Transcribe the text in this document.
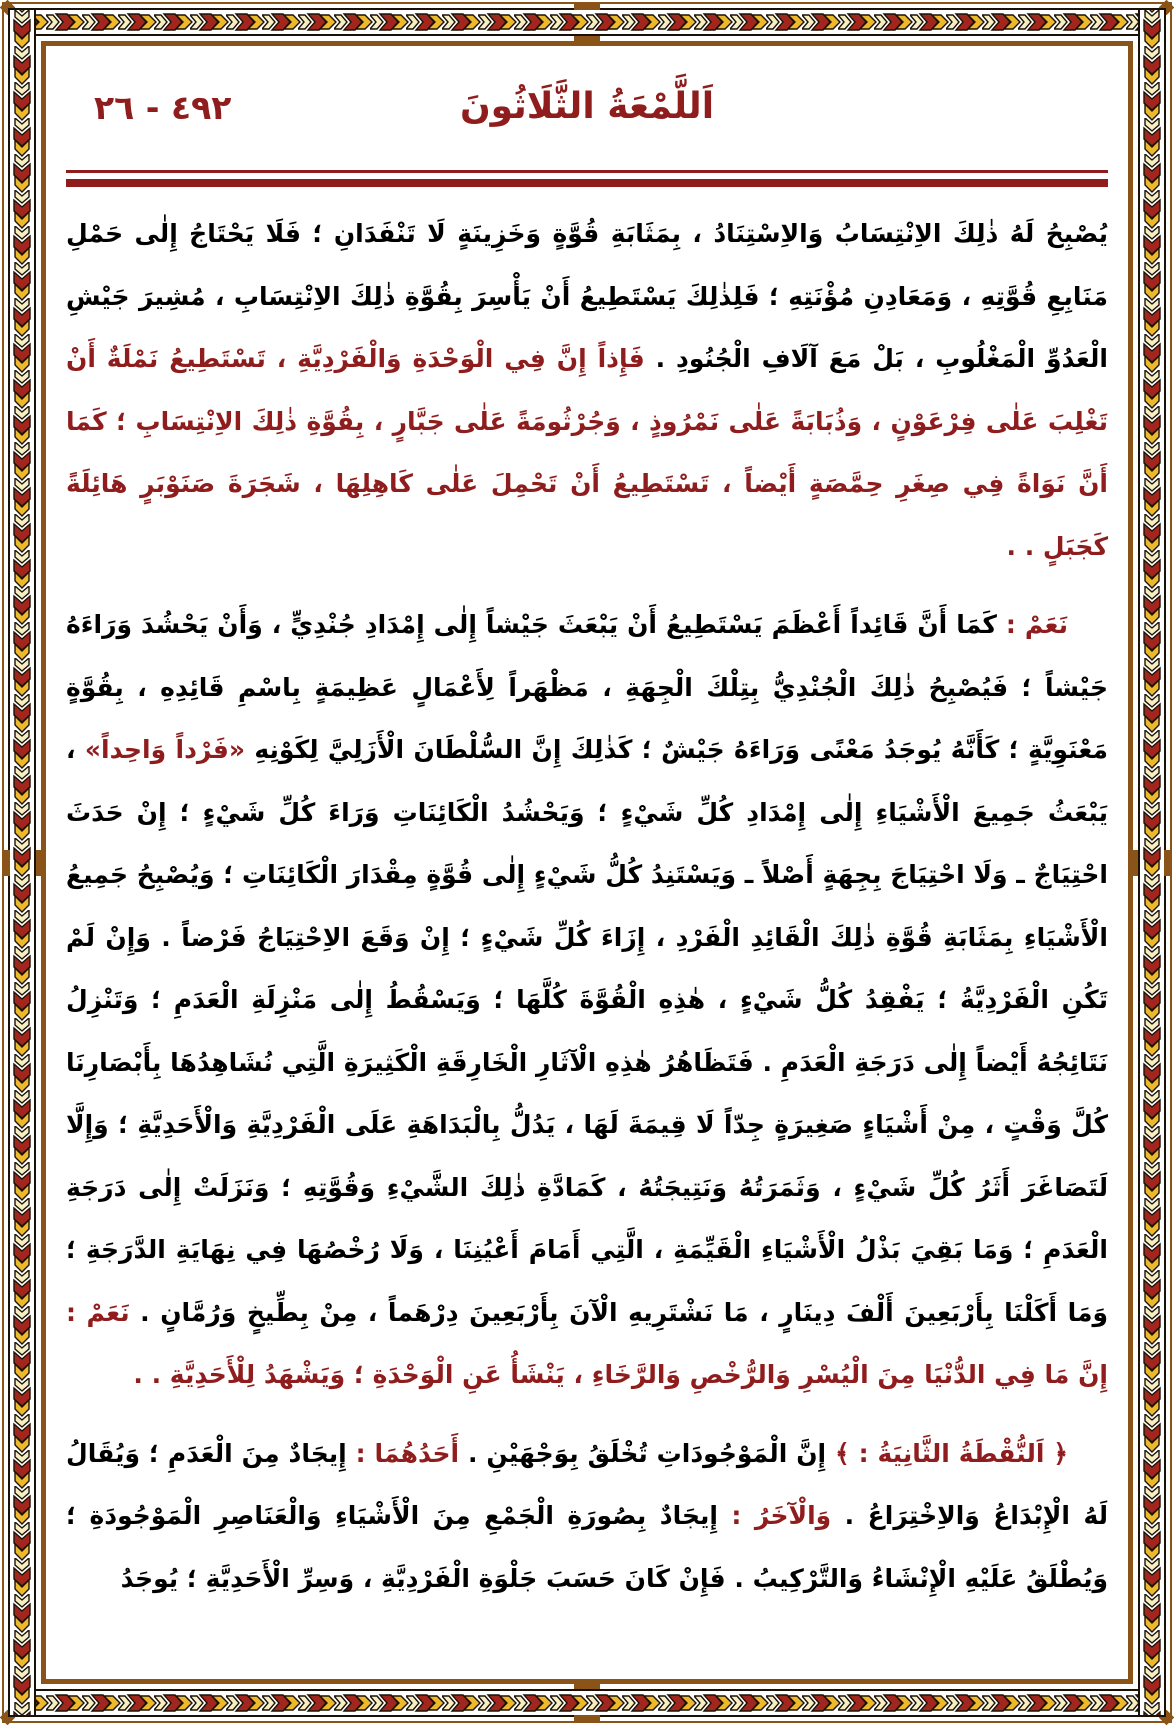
اَللَّمْعَةُ الثَّلَاثُونَ
٤٩٢ - ٢٦

يُصْبِحُ لَهُ ذٰلِكَ الاِنْتِسَابُ وَالاِسْتِنَادُ ، بِمَثَابَةِ قُوَّةٍ وَخَزِينَةٍ لَا تَنْفَدَانِ ؛ فَلَا يَحْتَاجُ إِلٰى حَمْلِ مَنَابِعِ قُوَّتِهِ ، وَمَعَادِنِ مُؤْنَتِهِ ؛ فَلِذٰلِكَ يَسْتَطِيعُ أَنْ يَأْسِرَ بِقُوَّةِ ذٰلِكَ الاِنْتِسَابِ ، مُشِيرَ جَيْشِ الْعَدُوِّ الْمَغْلُوبِ ، بَلْ مَعَ آلَافِ الْجُنُودِ . فَإِذاً إِنَّ فِي الْوَحْدَةِ وَالْفَرْدِيَّةِ ، تَسْتَطِيعُ نَمْلَةٌ أَنْ تَغْلِبَ عَلٰى فِرْعَوْنٍ ، وَذُبَابَةً عَلٰى نَمْرُوذٍ ، وَجُرْثُومَةً عَلٰى جَبَّارٍ ، بِقُوَّةِ ذٰلِكَ الاِنْتِسَابِ ؛ كَمَا أَنَّ نَوَاةً فِي صِغَرِ حِمَّصَةٍ أَيْضاً ، تَسْتَطِيعُ أَنْ تَحْمِلَ عَلٰى كَاهِلِهَا ، شَجَرَةَ صَنَوْبَرٍ هَائِلَةً كَجَبَلٍ . .

نَعَمْ : كَمَا أَنَّ قَائِداً أَعْظَمَ يَسْتَطِيعُ أَنْ يَبْعَثَ جَيْشاً إِلٰى إِمْدَادِ جُنْدِيٍّ ، وَأَنْ يَحْشُدَ وَرَاءَهُ جَيْشاً ؛ فَيُصْبِحُ ذٰلِكَ الْجُنْدِيُّ بِتِلْكَ الْجِهَةِ ، مَظْهَراً لِأَعْمَالٍ عَظِيمَةٍ بِاسْمِ قَائِدِهِ ، بِقُوَّةٍ مَعْنَوِيَّةٍ ؛ كَأَنَّهُ يُوجَدُ مَعْنًى وَرَاءَهُ جَيْشٌ ؛ كَذٰلِكَ إِنَّ السُّلْطَانَ الْأَزَلِيَّ لِكَوْنِهِ «فَرْداً وَاحِداً» ، يَبْعَثُ جَمِيعَ الْأَشْيَاءِ إِلٰى إِمْدَادِ كُلِّ شَيْءٍ ؛ وَيَحْشُدُ الْكَائِنَاتِ وَرَاءَ كُلِّ شَيْءٍ ؛ إِنْ حَدَثَ احْتِيَاجٌ ـ وَلَا احْتِيَاجَ بِجِهَةٍ أَصْلاً ـ وَيَسْتَنِدُ كُلُّ شَيْءٍ إِلٰى قُوَّةٍ مِقْدَارَ الْكَائِنَاتِ ؛ وَيُصْبِحُ جَمِيعُ الْأَشْيَاءِ بِمَثَابَةِ قُوَّةِ ذٰلِكَ الْقَائِدِ الْفَرْدِ ، إِزَاءَ كُلِّ شَيْءٍ ؛ إِنْ وَقَعَ الاِحْتِيَاجُ فَرْضاً . وَإِنْ لَمْ تَكُنِ الْفَرْدِيَّةُ ؛ يَفْقِدُ كُلُّ شَيْءٍ ، هٰذِهِ الْقُوَّةَ كُلَّهَا ؛ وَيَسْقُطُ إِلٰى مَنْزِلَةِ الْعَدَمِ ؛ وَتَنْزِلُ نَتَائِجُهُ أَيْضاً إِلٰى دَرَجَةِ الْعَدَمِ . فَتَظَاهُرُ هٰذِهِ الْآثَارِ الْخَارِقَةِ الْكَثِيرَةِ الَّتِي نُشَاهِدُهَا بِأَبْصَارِنَا كُلَّ وَقْتٍ ، مِنْ أَشْيَاءٍ صَغِيرَةٍ جِدّاً لَا قِيمَةَ لَهَا ، يَدُلُّ بِالْبَدَاهَةِ عَلَى الْفَرْدِيَّةِ وَالْأَحَدِيَّةِ ؛ وَإِلَّا لَتَصَاغَرَ أَثَرُ كُلِّ شَيْءٍ ، وَثَمَرَتُهُ وَنَتِيجَتُهُ ، كَمَادَّةِ ذٰلِكَ الشَّيْءِ وَقُوَّتِهِ ؛ وَنَزَلَتْ إِلٰى دَرَجَةِ الْعَدَمِ ؛ وَمَا بَقِيَ بَذْلُ الْأَشْيَاءِ الْقَيِّمَةِ ، الَّتِي أَمَامَ أَعْيُنِنَا ، وَلَا رُخْصُهَا فِي نِهَايَةِ الدَّرَجَةِ ؛ وَمَا أَكَلْنَا بِأَرْبَعِينَ أَلْفَ دِينَارٍ ، مَا نَشْتَرِيهِ الْآنَ بِأَرْبَعِينَ دِرْهَماً ، مِنْ بِطِّيخٍ وَرُمَّانٍ . نَعَمْ : إِنَّ مَا فِي الدُّنْيَا مِنَ الْيُسْرِ وَالرُّخْصِ وَالرَّخَاءِ ، يَنْشَأُ عَنِ الْوَحْدَةِ ؛ وَيَشْهَدُ لِلْأَحَدِيَّةِ . .

﴿ اَلنُّقْطَةُ الثَّانِيَةُ : ﴾ إِنَّ الْمَوْجُودَاتِ تُخْلَقُ بِوَجْهَيْنِ . أَحَدُهُمَا : إِيجَادٌ مِنَ الْعَدَمِ ؛ وَيُقَالُ لَهُ الْإِبْدَاعُ وَالاِخْتِرَاعُ . وَالْآخَرُ : إِيجَادٌ بِصُورَةِ الْجَمْعِ مِنَ الْأَشْيَاءِ وَالْعَنَاصِرِ الْمَوْجُودَةِ ؛ وَيُطْلَقُ عَلَيْهِ الْإِنْشَاءُ وَالتَّرْكِيبُ . فَإِنْ كَانَ حَسَبَ جَلْوَةِ الْفَرْدِيَّةِ ، وَسِرِّ الْأَحَدِيَّةِ ؛ يُوجَدُ
